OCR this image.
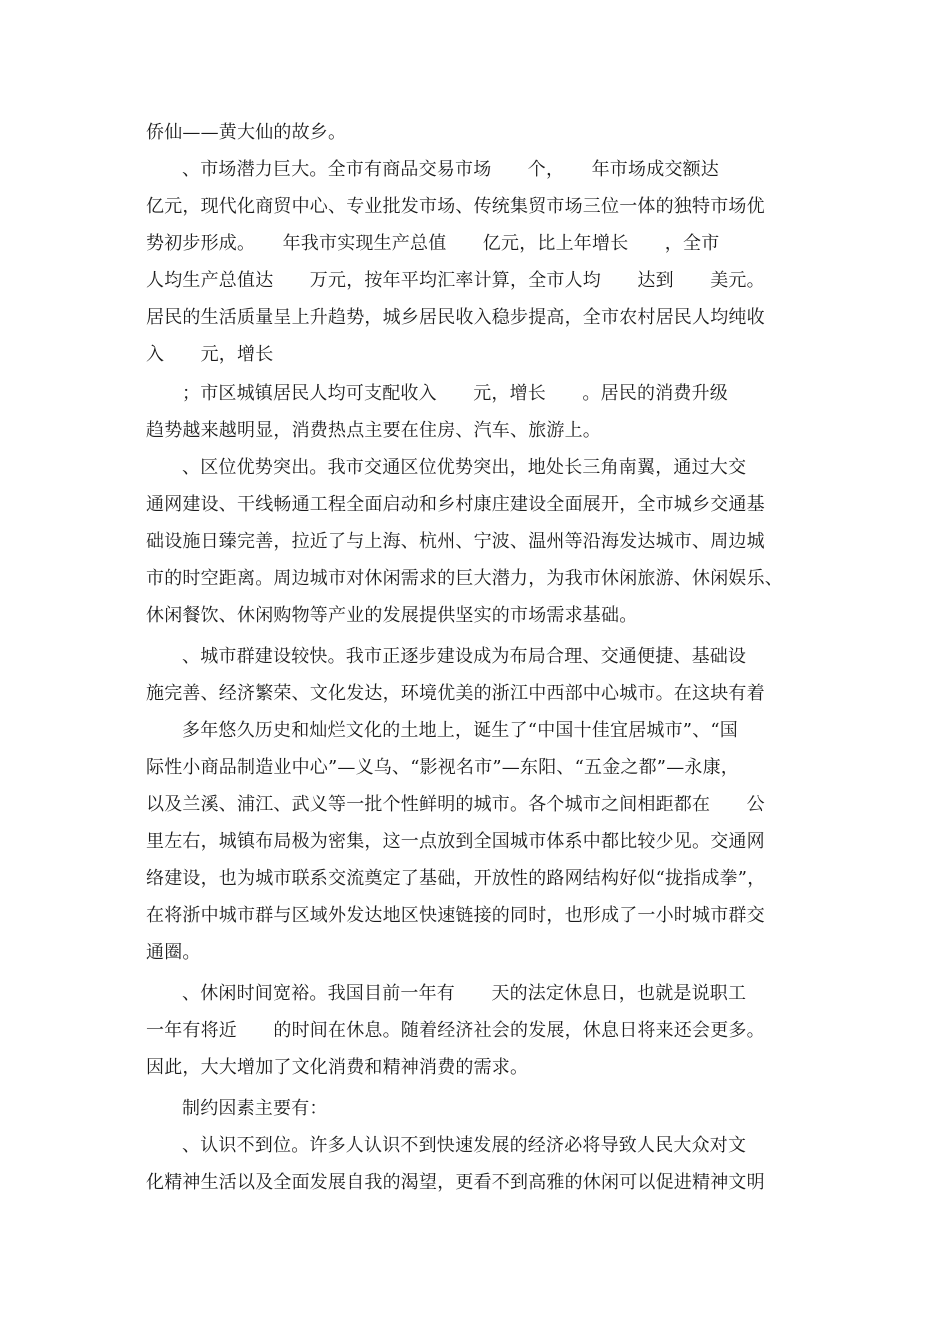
侨仙——黄大仙的故乡。
、市场潜力巨大。全市有商品交易市场　　个，　　年市场成交额达
亿元，现代化商贸中心、专业批发市场、传统集贸市场三位一体的独特市场优
势初步形成。　　年我市实现生产总值　　亿元，比上年增长　　，全市
人均生产总值达　　万元，按年平均汇率计算，全市人均　　达到　　美元。
居民的生活质量呈上升趋势，城乡居民收入稳步提高，全市农村居民人均纯收
入　　元，增长
；市区城镇居民人均可支配收入　　元，增长　　。居民的消费升级
趋势越来越明显，消费热点主要在住房、汽车、旅游上。
、区位优势突出。我市交通区位优势突出，地处长三角南翼，通过大交
通网建设、干线畅通工程全面启动和乡村康庄建设全面展开，全市城乡交通基
础设施日臻完善，拉近了与上海、杭州、宁波、温州等沿海发达城市、周边城
市的时空距离。周边城市对休闲需求的巨大潜力，为我市休闲旅游、休闲娱乐、
休闲餐饮、休闲购物等产业的发展提供坚实的市场需求基础。
、城市群建设较快。我市正逐步建设成为布局合理、交通便捷、基础设
施完善、经济繁荣、文化发达，环境优美的浙江中西部中心城市。在这块有着
多年悠久历史和灿烂文化的土地上，诞生了“中国十佳宜居城市”、“国
际性小商品制造业中心”—义乌、“影视名市”—东阳、“五金之都”—永康，
以及兰溪、浦江、武义等一批个性鲜明的城市。各个城市之间相距都在　　公
里左右，城镇布局极为密集，这一点放到全国城市体系中都比较少见。交通网
络建设，也为城市联系交流奠定了基础，开放性的路网结构好似“拢指成拳”，
在将浙中城市群与区域外发达地区快速链接的同时，也形成了一小时城市群交
通圈。
、休闲时间宽裕。我国目前一年有　　天的法定休息日，也就是说职工
一年有将近　　的时间在休息。随着经济社会的发展，休息日将来还会更多。
因此，大大增加了文化消费和精神消费的需求。
制约因素主要有：
、认识不到位。许多人认识不到快速发展的经济必将导致人民大众对文
化精神生活以及全面发展自我的渴望，更看不到高雅的休闲可以促进精神文明
